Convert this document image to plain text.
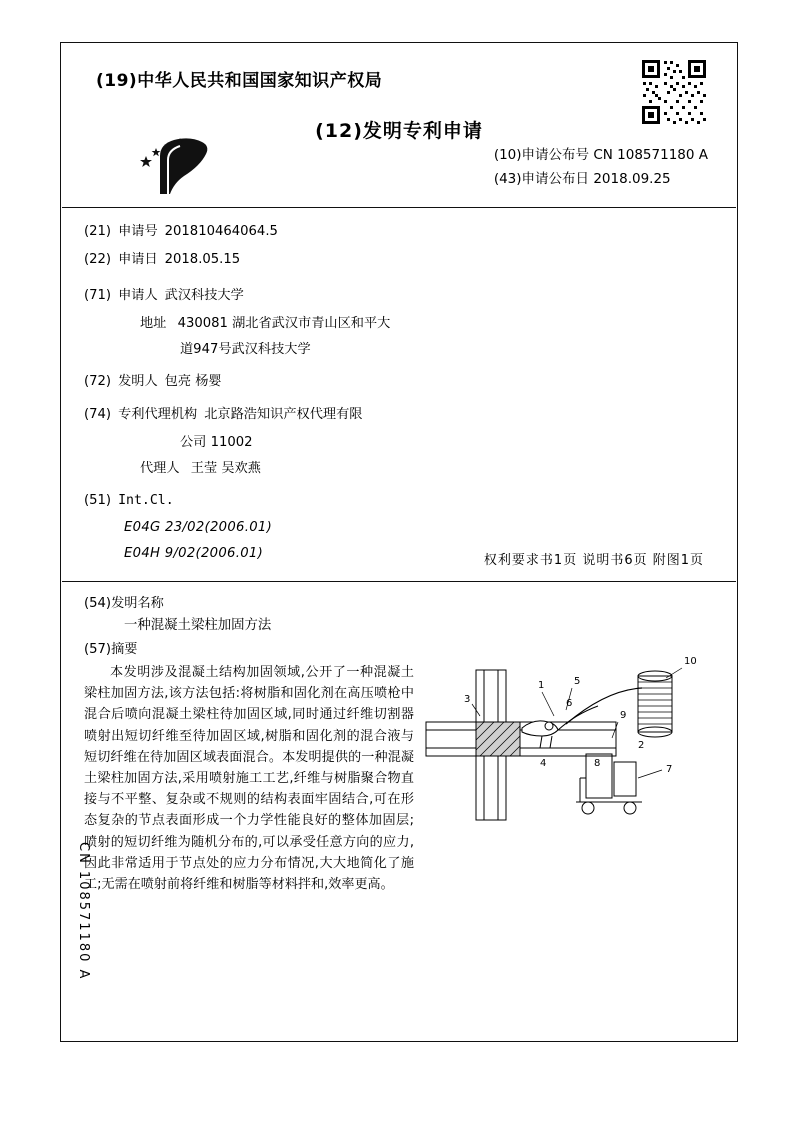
(19)中华人民共和国国家知识产权局
(12)发明专利申请
(10)申请公布号 CN 108571180 A
(43)申请公布日 2018.09.25
(21) 申请号 201810464064.5
(22) 申请日 2018.05.15
(71) 申请人 武汉科技大学
地址 430081 湖北省武汉市青山区和平大
道947号武汉科技大学
(72) 发明人 包亮 杨婴
(74) 专利代理机构 北京路浩知识产权代理有限
公司 11002
代理人 王莹 吴欢燕
(51) Int.Cl.
E04G 23/02(2006.01)
E04H 9/02(2006.01)	权利要求书1页 说明书6页 附图1页
(54)发明名称
一种混凝土梁柱加固方法
(57)摘要
本发明涉及混凝土结构加固领域,公开了一种混凝土梁柱加固方法,该方法包括:将树脂和固化剂在高压喷枪中混合后喷向混凝土梁柱待加固区域,同时通过纤维切割器喷射出短切纤维至待加固区域,树脂和固化剂的混合液与短切纤维在待加固区域表面混合。本发明提供的一种混凝土梁柱加固方法,采用喷射施工工艺,纤维与树脂聚合物直接与不平整、复杂或不规则的结构表面牢固结合,可在形态复杂的节点表面形成一个力学性能良好的整体加固层;喷射的短切纤维为随机分布的,可以承受任意方向的应力,因此非常适用于节点处的应力分布情况,大大地简化了施工;无需在喷射前将纤维和树脂等材料拌和,效率更高。
1
2
3
4
5
6
7
8
9
10
CN 108571180 A
